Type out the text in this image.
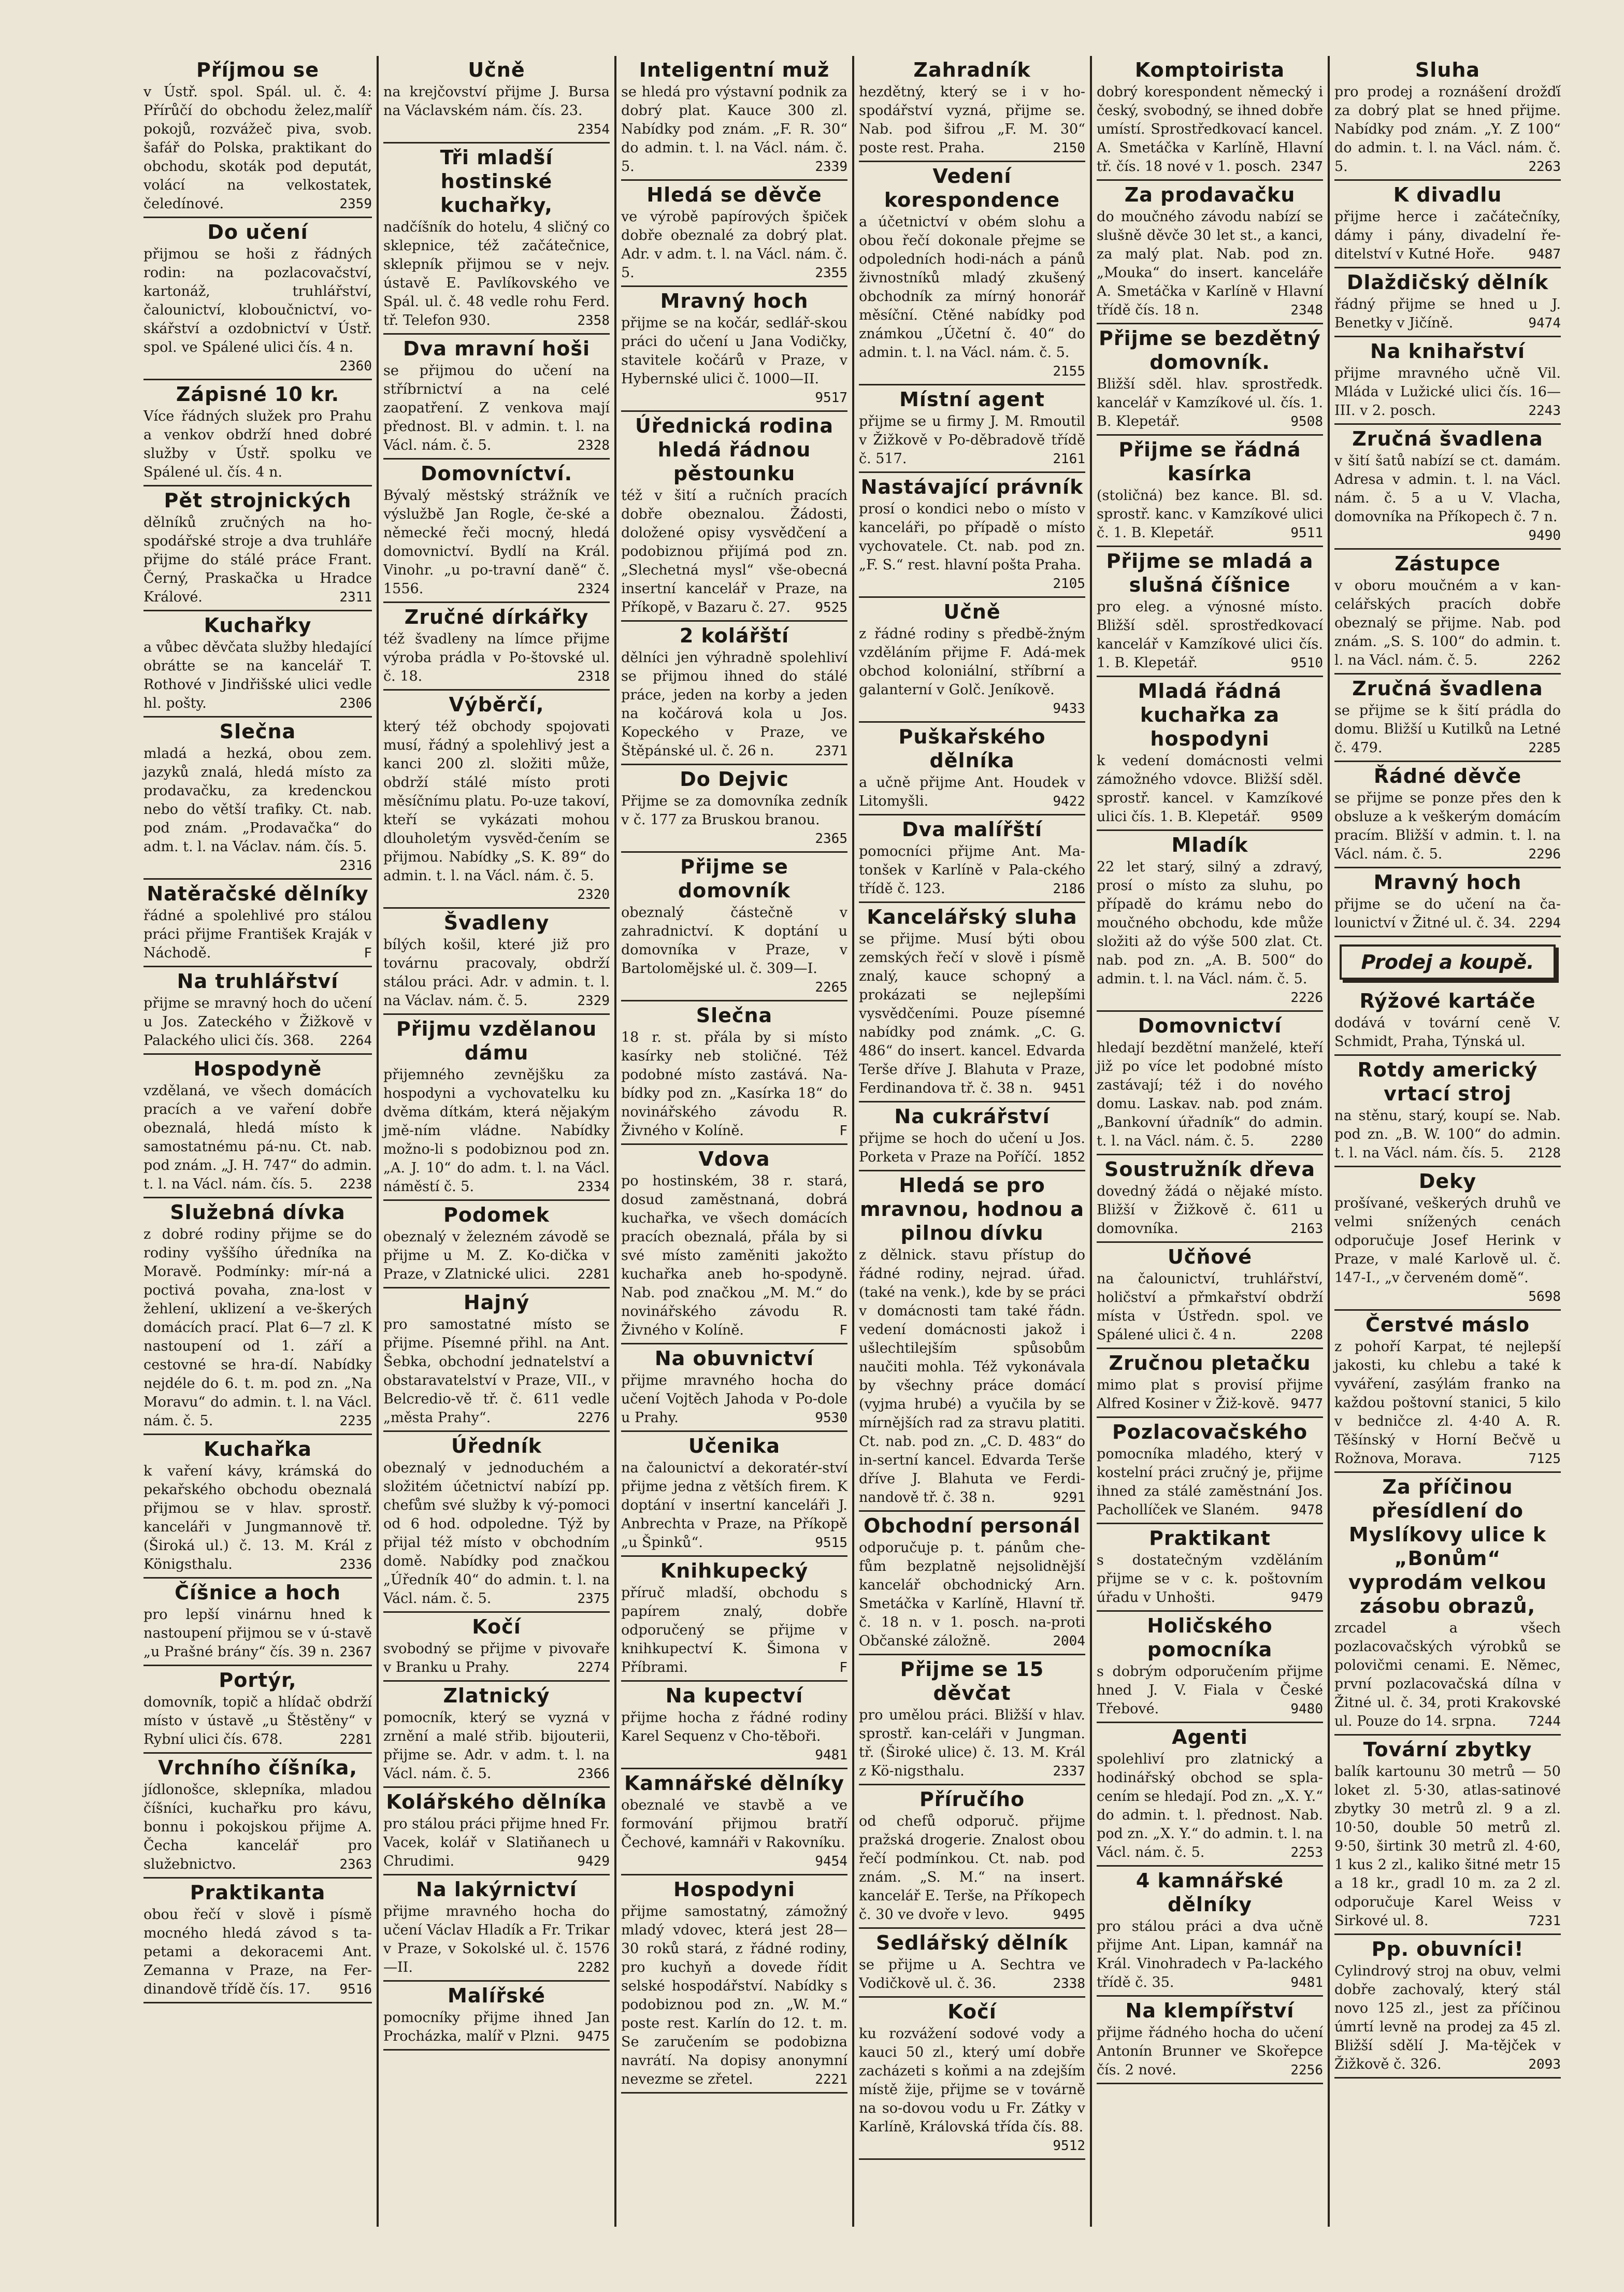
Příjmou se
v Ústř. spol. Spál. ul. č. 4: Přírůčí do obchodu želez,malíř pokojů, rozvážeč piva, svob. šafář do Polska, praktikant do obchodu, skoták pod deputát, volácí na velkostatek, čeledínové.	2359
Do učení
přijmou se hoši z řádných rodin: na pozlacovačství, kartonáž, truhlářství, čalounictví, kloboučnictví, vo-skářství a ozdobnictví v Ústř. spol. ve Spálené ulici čís. 4 n.
2360
Zápisné 10 kr.
Více řádných služek pro Prahu a venkov obdrží hned dobré služby v Ústř. spolku ve Spálené ul. čís. 4 n.
Pět strojnických
dělníků zručných na ho-spodářské stroje a dva truhláře přijme do stálé práce Frant. Černý, Praskačka u Hradce Králové.	2311
Kuchařky
a vůbec děvčata služby hledající obrátte se na kancelář T. Rothové v Jindřišské ulici vedle hl. pošty.	2306
Slečna
mladá a hezká, obou zem. jazyků znalá, hledá místo za prodavačku, za kredenckou nebo do větší trafiky. Ct. nab. pod znám. „Prodavačka“ do adm. t. l. na Václav. nám. čís. 5.
2316
Natěračské dělníky
řádné a spolehlivé pro stálou práci přijme František Kraják v Náchodě.	F
Na truhlářství
přijme se mravný hoch do učení u Jos. Zateckého v Žižkově v Palackého ulici čís. 368. 2264
Hospodyně
vzdělaná, ve všech domácích pracích a ve vaření dobře obeznalá, hledá místo k samostatnému pá-nu. Ct. nab. pod znám. „J. H. 747“ do admin. t. l. na Václ. nám. čís. 5. 2238
Služebná dívka
z dobré rodiny přijme se do rodiny vyššího úředníka na Moravě. Podmínky: mír-ná a poctivá povaha, zna-lost v žehlení, uklizení a ve-škerých domácích prací. Plat 6—7 zl. K nastoupení od 1. září a cestovné se hra-dí. Nabídky nejdéle do 6. t. m. pod zn. „Na Moravu“ do admin. t. l. na Václ. nám. č. 5.	2235
Kuchařka
k vaření kávy, krámská do pekařského obchodu obeznalá přijmou se v hlav. sprostř. kanceláři v Jungmannově tř. (Široká ul.) č. 13. M. Král z Königsthalu.	2336
Číšnice a hoch
pro lepší vinárnu hned k nastoupení přijmou se v ú-stavě „u Prašné brány“ čís. 39 n. 2367
Portýr,
domovník, topič a hlídač obdrží místo v ústavě „u Štěstěny“ v Rybní ulici čís. 678.	2281
Vrchního číšníka,
jídlonošce, sklepníka, mladou číšníci, kuchařku pro kávu, bonnu i pokojskou přijme A. Čecha kancelář pro služebnictvo.	2363
Praktikanta
obou řečí v slově i písmě mocného hledá závod s ta-petami a dekoracemi Ant. Zemanna v Praze, na Fer-dinandově třídě čís. 17. 9516
Učně
na krejčovství přijme J. Bursa na Václavském nám. čís. 23.
2354
Tři mladší hostinské kuchařky,
nadčíšník do hotelu, 4 sličný co sklepnice, též začátečnice, sklepník přijmou se v nejv. ústavě E. Pavlíkovského ve Spál. ul. č. 48 vedle rohu Ferd. tř. Telefon 930.	2358
Dva mravní hoši
se přijmou do učení na stříbrnictví a na celé zaopatření. Z venkova mají přednost. Bl. v admin. t. l. na Václ. nám. č. 5.	2328
Domovníctví.
Bývalý městský strážník ve výslužbě Jan Rogle, če-ské a německé řeči mocný, hledá domovnictví. Bydlí na Král. Vinohr. „u po-travní daně“ č. 1556.	2324
Zručné dírkářky
též švadleny na límce přijme výroba prádla v Po-štovské ul. č. 18.	2318
Výběrčí,
který též obchody spojovati musí, řádný a spolehlivý jest a kanci 200 zl. složiti může, obdrží stálé místo proti měsíčnímu platu. Po-uze takoví, kteří se vykázati mohou dlouholetým vysvěd-čením se přijmou. Nabídky „S. K. 89“ do admin. t. l. na Václ. nám. č. 5.
2320
Švadleny
bílých košil, které již pro továrnu pracovaly, obdrží stálou práci. Adr. v admin. t. l. na Václav. nám. č. 5.	2329
Přijmu vzdělanou dámu
přijemného zevnějšku za hospodyni a vychovatelku ku dvěma dítkám, která nějakým jmě-ním vládne. Nabídky možno-li s podobiznou pod zn. „A. J. 10“ do adm. t. l. na Václ. náměstí č. 5.	2334
Podomek
obeznalý v železném závodě se přijme u M. Z. Ko-dička v Praze, v Zlatnické ulici. 2281
Hajný
pro samostatné místo se přijme. Písemné přihl. na Ant. Šebka, obchodní jednatelství a obstaravatelství v Praze, VII., v Belcredio-vě tř. č. 611 vedle „města Prahy“.	2276
Úředník
obeznalý v jednoduchém a složitém účetnictví nabízí pp. chefům své služby k vý-pomoci od 6 hod. odpoledne. Týž by přijal též místo v obchodním domě. Nabídky pod značkou „Úředník 40“ do admin. t. l. na Václ. nám. č. 5.	2375
Kočí
svobodný se přijme v pivovaře v Branku u Prahy.	2274
Zlatnický
pomocník, který se vyzná v zrnění a malé střib. bijouterii, přijme se. Adr. v adm. t. l. na Václ. nám. č. 5.	2366
Kolářského dělníka
pro stálou práci přijme hned Fr. Vacek, kolář v Slatiňanech u Chrudimi.	9429
Na lakýrnictví
přijme mravného hocha do učení Václav Hladík a Fr. Trikar v Praze, v Sokolské ul. č. 1576—II.	2282
Malířské
pomocníky přijme ihned Jan Procházka, malíř v Plzni. 9475
Inteligentní muž
se hledá pro výstavní podnik za dobrý plat. Kauce 300 zl. Nabídky pod znám. „F. R. 30“ do admin. t. l. na Václ. nám. č. 5.	2339
Hledá se děvče
ve výrobě papírových špiček dobře obeznalé za dobrý plat. Adr. v adm. t. l. na Václ. nám. č. 5.	2355
Mravný hoch
přijme se na kočár, sedlář-skou práci do učení u Jana Vodičky, stavitele kočárů v Praze, v Hybernské ulici č. 1000—II.
9517
Úřednická rodina hledá řádnou pěstounku
též v šití a ručních pracích dobře obeznalou. Žádosti, doložené opisy vysvědčení a podobiznou přijímá pod zn. „Slechetná mysl“ vše-obecná insertní kancelář v Praze, na Příkopě, v Bazaru č. 27. 9525
2 kolářští
dělníci jen výhradně spolehliví se přijmou ihned do stálé práce, jeden na korby a jeden na kočárová kola u Jos. Kopeckého v Praze, ve Štěpánské ul. č. 26 n.	2371
Do Dejvic
Přijme se za domovníka zedník v č. 177 za Bruskou branou.
2365
Přijme se domovník
obeznalý částečně v zahradnictví. K doptání u domovníka v Praze, v Bartolomějské ul. č. 309—I.
2265
Slečna
18 r. st. přála by si místo kasírky neb stoličné. Též podobné místo zastává. Na-bídky pod zn. „Kasírka 18“ do novinářského závodu R. Živného v Kolíně.	F
Vdova
po hostinském, 38 r. stará, dosud zaměstnaná, dobrá kuchařka, ve všech domácích pracích obeznalá, přála by si své místo zaměniti jakožto kuchařka aneb ho-spodyně. Nab. pod značkou „M. M.“ do novinářského závodu R. Živného v Kolíně.	F
Na obuvnictví
přijme mravného hocha do učení Vojtěch Jahoda v Po-dole u Prahy.	9530
Učenika
na čalounictví a dekoratér-ství přijme jedna z větších firem. K doptání v insertní kanceláři J. Anbrechta v Praze, na Příkopě „u Špinků“.	9515
Knihkupecký
příruč mladší, obchodu s papírem znalý, dobře odporučený se přijme v knihkupectví K. Šimona v Příbrami.	F
Na kupectví
přijme hocha z řádné rodiny Karel Sequenz v Cho-těboři.
9481
Kamnářské dělníky
obeznalé ve stavbě a ve formování přijmou bratří Čechové, kamnáři v Rakovníku.
9454
Hospodyni
přijme samostatný, zámožný mladý vdovec, která jest 28—30 roků stará, z řádné rodiny, pro kuchyň a dovede řídit selské hospodářství. Nabídky s podobiznou pod zn. „W. M.“ poste rest. Karlín do 12. t. m. Se zaručením se podobizna navrátí. Na dopisy anonymní nevezme se zřetel.	2221
Zahradník
hezdětný, který se i v ho-spodářství vyzná, přijme se. Nab. pod šifrou „F. M. 30“ poste rest. Praha.	2150
Vedení korespondence
a účetnictví v obém slohu a obou řečí dokonale přejme se odpoledních hodi-nách a pánů živnostníků mladý zkušený obchodník za mírný honorář měsíční. Ctěné nabídky pod známkou „Účetní č. 40“ do admin. t. l. na Václ. nám. č. 5.
2155
Místní agent
přijme se u firmy J. M. Rmoutil v Žižkově v Po-děbradově třídě č. 517.	2161
Nastávající právník
prosí o kondici nebo o místo v kanceláři, po případě o místo vychovatele. Ct. nab. pod zn. „F. S.“ rest. hlavní pošta Praha.
2105
Učně
z řádné rodiny s předbě-žným vzděláním přijme F. Adá-mek obchod koloniální, stříbrní a galanterní v Golč. Jeníkově.
9433
Puškařského dělníka
a učně přijme Ant. Houdek v Litomyšli.	9422
Dva malířští
pomocníci přijme Ant. Ma-tonšek v Karlíně v Pala-ckého třídě č. 123.	2186
Kancelářský sluha
se přijme. Musí býti obou zemských řečí v slově i písmě znalý, kauce schopný a prokázati se nejlepšími vysvědčeními. Pouze písemné nabídky pod známk. „C. G. 486“ do insert. kancel. Edvarda Terše dříve J. Blahuta v Praze, Ferdinandova tř. č. 38 n. 9451
Na cukrářství
přijme se hoch do učení u Jos. Porketa v Praze na Poříčí. 1852
Hledá se pro mravnou, hodnou a pilnou dívku
z dělnick. stavu přístup do řádné rodiny, nejrad. úřad. (také na venk.), kde by se práci v domácnosti tam také řádn. vedení domácnosti jakož i ušlechtilejším spůsobům naučiti mohla. Též vykonávala by všechny práce domácí (vyjma hrubé) a vyučila by se mírnějších rad za stravu platiti. Ct. nab. pod zn. „C. D. 483“ do in-sertní kancel. Edvarda Terše dříve J. Blahuta ve Ferdi-nandově tř. č. 38 n.	9291
Obchodní personál
odporučuje p. t. pánům che-fům bezplatně nejsolidnější kancelář obchodnický Arn. Smetáčka v Karlíně, Hlavní tř. č. 18 n. v 1. posch. na-proti Občanské záložně.	2004
Přijme se 15 děvčat
pro umělou práci. Bližší v hlav. sprostř. kan-celáři v Jungman. tř. (Široké ulice) č. 13. M. Král z Kö-nigsthalu.	2337
Příručího
od chefů odporuč. přijme pražská drogerie. Znalost obou řečí podmínkou. Ct. nab. pod znám. „S. M.“ na insert. kancelář E. Terše, na Příkopech č. 30 ve dvoře v levo.	9495
Sedlářský dělník
se přijme u A. Sechtra ve Vodičkově ul. č. 36.	2338
Kočí
ku rozvážení sodové vody a kauci 50 zl., který umí dobře zacházeti s koňmi a na zdejším místě žije, přijme se v továrně na so-dovou vodu u Fr. Zátky v Karlíně, Královská třída čís. 88.
9512
Komptoirista
dobrý korespondent německý i český, svobodný, se ihned dobře umístí. Sprostředkovací kancel. A. Smetáčka v Karlíně, Hlavní tř. čís. 18 nové v 1. posch. 2347
Za prodavačku
do moučného závodu nabízí se slušně děvče 30 let st., a kanci, za malý plat. Nab. pod zn. „Mouka“ do insert. kanceláře A. Smetáčka v Karlíně v Hlavní třídě čís. 18 n.	2348
Přijme se bezdětný domovník.
Bližší sděl. hlav. sprostředk. kancelář v Kamzíkové ul. čís. 1. B. Klepetář.	9508
Přijme se řádná kasírka
(stoličná) bez kance. Bl. sd. sprostř. kanc. v Kamzíkové ulici č. 1. B. Klepetář.	9511
Přijme se mladá a slušná číšnice
pro eleg. a výnosné místo. Bližší sděl. sprostředkovací kancelář v Kamzíkové ulici čís. 1. B. Klepetář.	9510
Mladá řádná kuchařka za hospodyni
k vedení domácnosti velmi zámožného vdovce. Bližší sděl. sprostř. kancel. v Kamzíkové ulici čís. 1. B. Klepetář. 9509
Mladík
22 let starý, silný a zdravý, prosí o místo za sluhu, po případě do krámu nebo do moučného obchodu, kde může složiti až do výše 500 zlat. Ct. nab. pod zn. „A. B. 500“ do admin. t. l. na Václ. nám. č. 5.
2226
Domovnictví
hledají bezdětní manželé, kteří již po více let podobné místo zastávají; též i do nového domu. Laskav. nab. pod znám. „Bankovní úřadník“ do admin. t. l. na Václ. nám. č. 5.	2280
Soustružník dřeva
dovedný žádá o nějaké místo. Bližší v Žižkově č. 611 u domovníka.	2163
Učňové
na čalounictví, truhlářství, holičství a přmkařství obdrží místa v Ústředn. spol. ve Spálené ulici č. 4 n.	2208
Zručnou pletačku
mimo plat s provisí přijme Alfred Kosiner v Žiž-kově. 9477
Pozlacovačského
pomocníka mladého, který v kostelní práci zručný je, přijme ihned za stálé zaměstnání Jos. Pachollíček ve Slaném. 9478
Praktikant
s dostatečným vzděláním přijme se v c. k. poštovním úřadu v Unhošti.	9479
Holičského pomocníka
s dobrým odporučením přijme hned J. V. Fiala v České Třebové.	9480
Agenti
spolehliví pro zlatnický a hodinářský obchod se spla-cením se hledají. Pod zn. „X. Y.“ do admin. t. l. přednost. Nab. pod zn. „X. Y.“ do admin. t. l. na Václ. nám. č. 5.	2253
4 kamnářské dělníky
pro stálou práci a dva učně přijme Ant. Lipan, kamnář na Král. Vinohradech v Pa-lackého třídě č. 35.	9481
Na klempířství
přijme řádného hocha do učení Antonín Brunner ve Skořepce čís. 2 nové.	2256
Sluha
pro prodej a roznášení drožďí za dobrý plat se hned přijme. Nabídky pod znám. „Y. Z 100“ do admin. t. l. na Václ. nám. č. 5.	2263
K divadlu
přijme herce i začátečníky, dámy i pány, divadelní ře-ditelství v Kutné Hoře. 9487
Dlaždičský dělník
řádný přijme se hned u J. Benetky v Jičíně.	9474
Na knihařství
přijme mravného učně Vil. Mláda v Lužické ulici čís. 16—III. v 2. posch.	2243
Zručná švadlena
v šití šatů nabízí se ct. damám. Adresa v admin. t. l. na Václ. nám. č. 5 a u V. Vlacha, domovníka na Příkopech č. 7 n.
9490
Zástupce
v oboru moučném a v kan-celářských pracích dobře obeznalý se přijme. Nab. pod znám. „S. S. 100“ do admin. t. l. na Václ. nám. č. 5.	2262
Zručná švadlena
se přijme se k šití prádla do domu. Bližší u Kutilků na Letné č. 479.	2285
Řádné děvče
se přijme se ponze přes den k obsluze a k veškerým domácím pracím. Bližší v admin. t. l. na Václ. nám. č. 5.	2296
Mravný hoch
přijme se do učení na ča-lounictví v Žitné ul. č. 34. 2294
Prodej a koupě.
Rýžové kartáče
dodává v tovární ceně V. Schmidt, Praha, Týnská ul.
Rotdy americký vrtací stroj
na stěnu, starý, koupí se. Nab. pod zn. „B. W. 100“ do admin. t. l. na Václ. nám. čís. 5. 2128
Deky
prošívané, veškerých druhů ve velmi snížených cenách odporučuje Josef Herink v Praze, v malé Karlově ul. č. 147-I., „v červeném domě“.
5698
Čerstvé máslo
z pohoří Karpat, té nejlepší jakosti, ku chlebu a také k vyváření, zasýlám franko na každou poštovní stanici, 5 kilo v bedničce zl. 4·40 A. R. Těšínský v Horní Bečvě u Rožnova, Morava.	7125
Za příčinou přesídlení do Myslíkovy ulice k „Bonům“ vyprodám velkou zásobu obrazů,
zrcadel a všech pozlacovačských výrobků se polovičmi cenami. E. Němec, první pozlacovačská dílna v Žitné ul. č. 34, proti Krakovské ul. Pouze do 14. srpna. 7244
Tovární zbytky
balík kartounu 30 metrů — 50 loket zl. 5·30, atlas-satinové zbytky 30 metrů zl. 9 a zl. 10·50, double 50 metrů zl. 9·50, širtink 30 metrů zl. 4·60, 1 kus 2 zl., kaliko šitné metr 15 a 18 kr., gradl 10 m. za 2 zl. odporučuje Karel Weiss v Sirkové ul. 8.	7231
Pp. obuvníci!
Cylindrový stroj na obuv, velmi dobře zachovalý, který stál novo 125 zl., jest za příčinou úmrtí levně na prodej za 45 zl. Bližší sdělí J. Ma-tějček v Žižkově č. 326.	2093
